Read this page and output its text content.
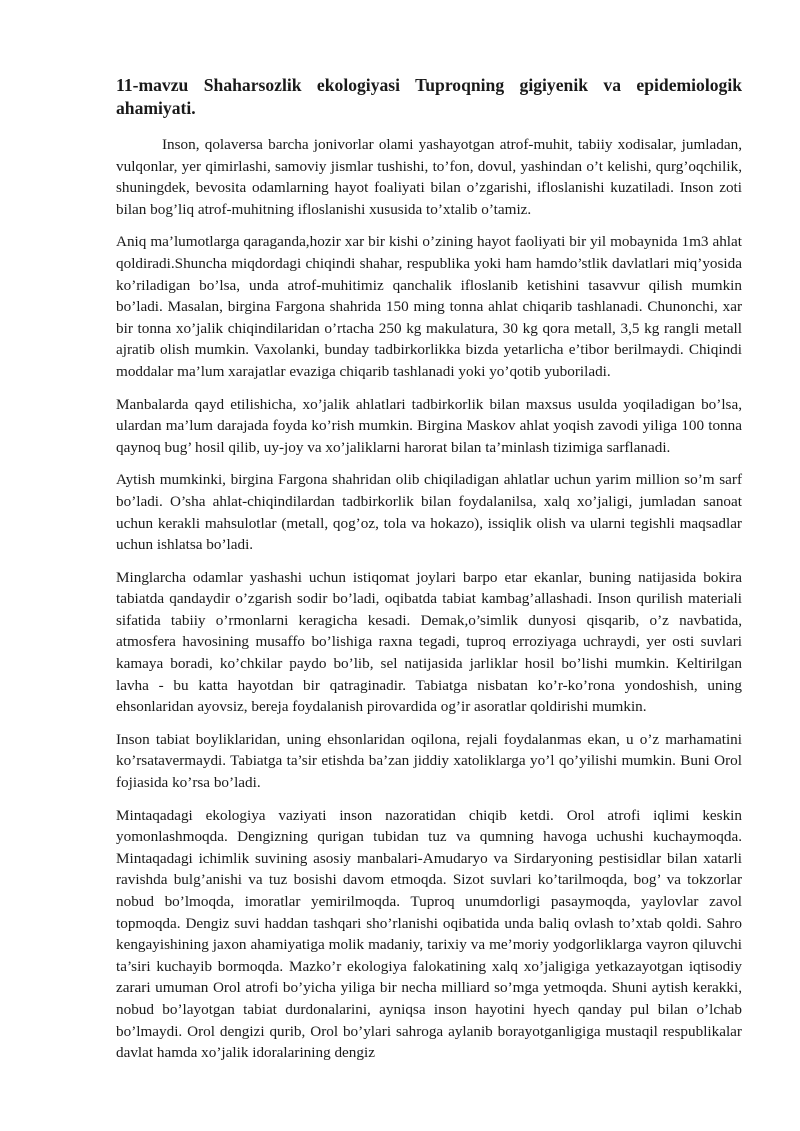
11-mavzu Shaharsozlik ekologiyasi Tuproqning gigiyenik va epidemiologik ahamiyati.

Inson, qolaversa barcha jonivorlar olami yashayotgan atrof-muhit, tabiiy xodisalar, jumladan, vulqonlar, yer qimirlashi, samoviy jismlar tushishi, to’fon, dovul, yashindan o’t kelishi, qurg’oqchilik, shuningdek, bevosita odamlarning hayot foaliyati bilan o’zgarishi, ifloslanishi kuzatiladi. Inson zoti bilan bog’liq atrof-muhitning ifloslanishi xususida to’xtalib o’tamiz.

Aniq ma’lumotlarga qaraganda,hozir xar bir kishi o’zining hayot faoliyati bir yil mobaynida 1m3 ahlat qoldiradi.Shuncha miqdordagi chiqindi shahar, respublika yoki ham hamdo’stlik davlatlari miq’yosida ko’riladigan bo’lsa, unda atrof-muhitimiz qanchalik ifloslanib ketishini tasavvur qilish mumkin bo’ladi. Masalan, birgina Fargona shahrida 150 ming tonna ahlat chiqarib tashlanadi. Chunonchi, xar bir tonna xo’jalik chiqindilaridan o’rtacha 250 kg makulatura, 30 kg qora metall, 3,5 kg rangli metall ajratib olish mumkin. Vaxolanki, bunday tadbirkorlikka bizda yetarlicha e’tibor berilmaydi. Chiqindi moddalar ma’lum xarajatlar evaziga chiqarib tashlanadi yoki yo’qotib yuboriladi.

Manbalarda qayd etilishicha, xo’jalik ahlatlari tadbirkorlik bilan maxsus usulda yoqiladigan bo’lsa, ulardan ma’lum darajada foyda ko’rish mumkin. Birgina Maskov ahlat yoqish zavodi yiliga 100 tonna qaynoq bug’ hosil qilib, uy-joy va xo’jaliklarni harorat bilan ta’minlash tizimiga sarflanadi.

Aytish mumkinki, birgina Fargona shahridan olib chiqiladigan ahlatlar uchun yarim million so’m sarf bo’ladi. O’sha ahlat-chiqindilardan tadbirkorlik bilan foydalanilsa, xalq xo’jaligi, jumladan sanoat uchun kerakli mahsulotlar (metall, qog’oz, tola va hokazo), issiqlik olish va ularni tegishli maqsadlar uchun ishlatsa bo’ladi.

Minglarcha odamlar yashashi uchun istiqomat joylari barpo etar ekanlar, buning natijasida bokira tabiatda qandaydir o’zgarish sodir bo’ladi, oqibatda tabiat kambag’allashadi. Inson qurilish materiali sifatida tabiiy o’rmonlarni keragicha kesadi. Demak,o’simlik dunyosi qisqarib, o’z navbatida, atmosfera havosining musaffo bo’lishiga raxna tegadi, tuproq erroziyaga uchraydi, yer osti suvlari kamaya boradi, ko’chkilar paydo bo’lib, sel natijasida jarliklar hosil bo’lishi mumkin. Keltirilgan lavha - bu katta hayotdan bir qatraginadir. Tabiatga nisbatan ko’r-ko’rona yondoshish, uning ehsonlaridan ayovsiz, bereja foydalanish pirovardida og’ir asoratlar qoldirishi mumkin.

Inson tabiat boyliklaridan, uning ehsonlaridan oqilona, rejali foydalanmas ekan, u o’z marhamatini ko’rsatavermaydi. Tabiatga ta’sir etishda ba’zan jiddiy xatoliklarga yo’l qo’yilishi mumkin. Buni Orol fojiasida ko’rsa bo’ladi.

Mintaqadagi ekologiya vaziyati inson nazoratidan chiqib ketdi. Orol atrofi iqlimi keskin yomonlashmoqda. Dengizning qurigan tubidan tuz va qumning havoga uchushi kuchaymoqda. Mintaqadagi ichimlik suvining asosiy manbalari-Amudaryo va Sirdaryoning pestisidlar bilan xatarli ravishda bulg’anishi va tuz bosishi davom etmoqda. Sizot suvlari ko’tarilmoqda, bog’ va tokzorlar nobud bo’lmoqda, imoratlar yemirilmoqda. Tuproq unumdorligi pasaymoqda, yaylovlar zavol topmoqda. Dengiz suvi haddan tashqari sho’rlanishi oqibatida unda baliq ovlash to’xtab qoldi. Sahro kengayishining jaxon ahamiyatiga molik madaniy, tarixiy va me’moriy yodgorliklarga vayron qiluvchi ta’siri kuchayib bormoqda. Mazko’r ekologiya falokatining xalq xo’jaligiga yetkazayotgan iqtisodiy zarari umuman Orol atrofi bo’yicha yiliga bir necha milliard so’mga yetmoqda. Shuni aytish kerakki, nobud bo’layotgan tabiat durdonalarini, ayniqsa inson hayotini hyech qanday pul bilan o’lchab bo’lmaydi. Orol dengizi qurib, Orol bo’ylari sahroga aylanib borayotganligiga mustaqil respublikalar davlat hamda xo’jalik idoralarining dengiz
